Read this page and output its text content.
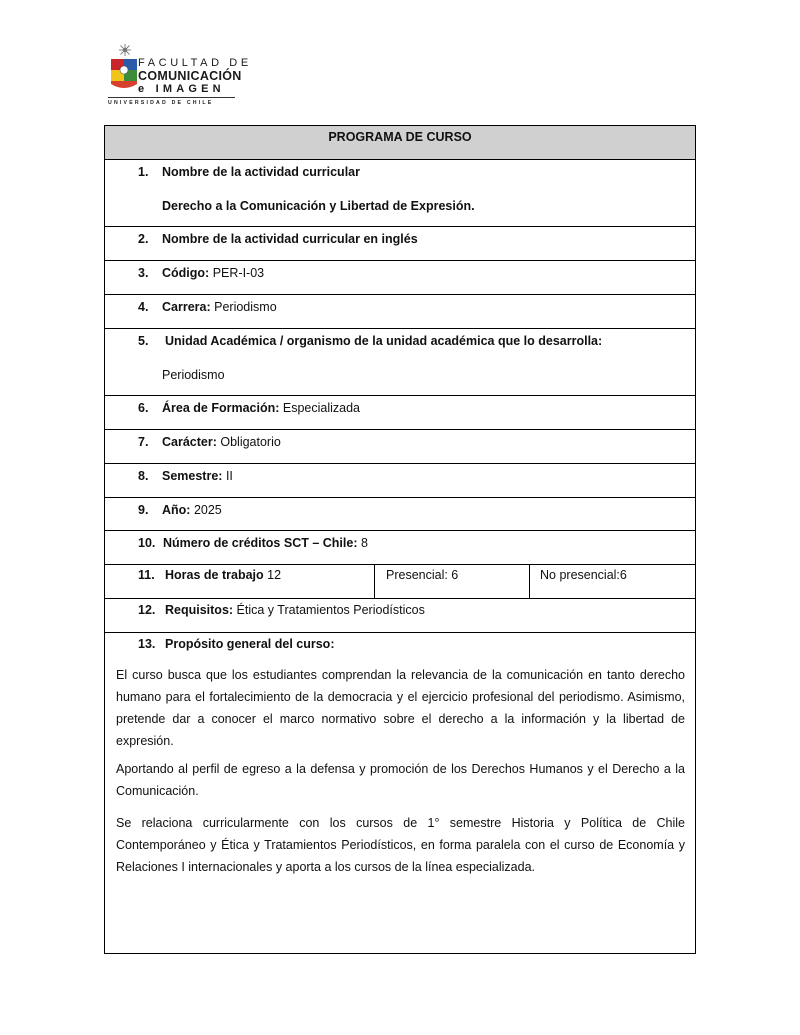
FACULTAD DE
COMUNICACIÓN
e IMAGEN
UNIVERSIDAD DE CHILE
PROGRAMA DE CURSO
1. Nombre de la actividad curricular
Derecho a la Comunicación y Libertad de Expresión.
2. Nombre de la actividad curricular en inglés
3. Código: PER-I-03
4. Carrera: Periodismo
5. Unidad Académica / organismo de la unidad académica que lo desarrolla:
Periodismo
6. Área de Formación: Especializada
7. Carácter: Obligatorio
8. Semestre: II
9. Año: 2025
10. Número de créditos SCT – Chile: 8
11. Horas de trabajo 12	Presencial: 6	No presencial:6
12. Requisitos: Ética y Tratamientos Periodísticos
13. Propósito general del curso:
El curso busca que los estudiantes comprendan la relevancia de la comunicación en tanto derecho humano para el fortalecimiento de la democracia y el ejercicio profesional del periodismo. Asimismo, pretende dar a conocer el marco normativo sobre el derecho a la información y la libertad de expresión.
Aportando al perfil de egreso a la defensa y promoción de los Derechos Humanos y el Derecho a la Comunicación.
Se relaciona curricularmente con los cursos de 1° semestre Historia y Política de Chile Contemporáneo y Ética y Tratamientos Periodísticos, en forma paralela con el curso de Economía y Relaciones I internacionales y aporta a los cursos de la línea especializada.
